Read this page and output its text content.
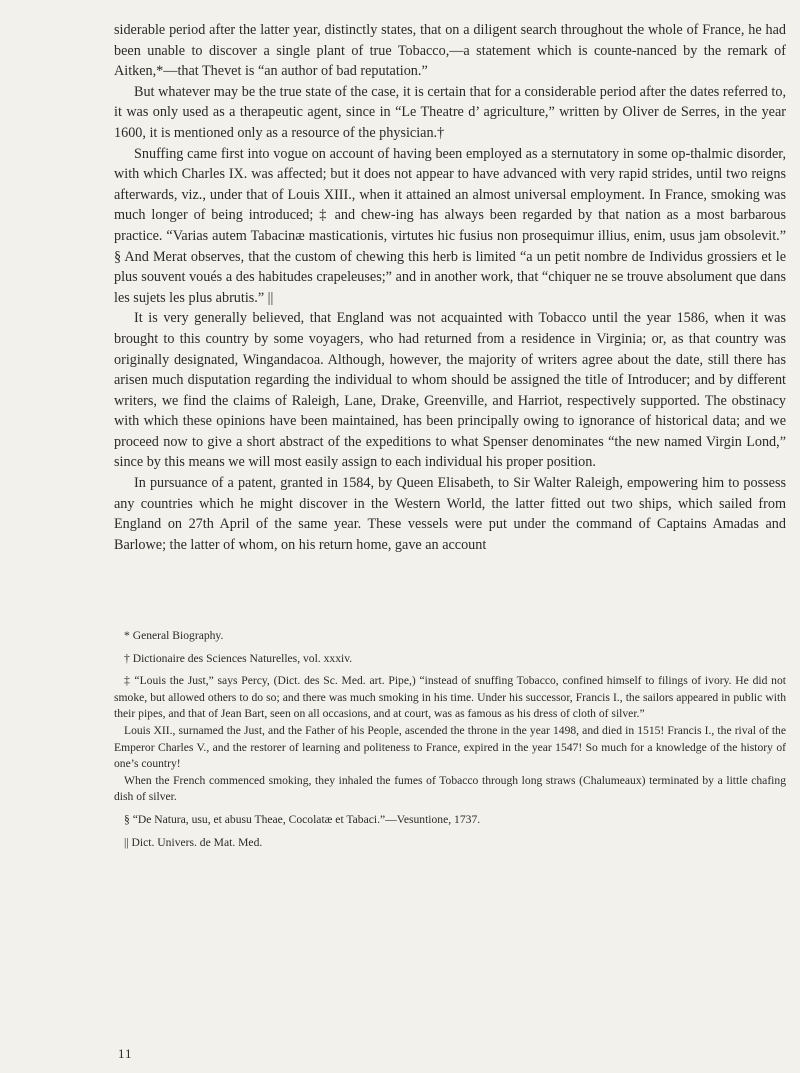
siderable period after the latter year, distinctly states, that on a diligent search throughout the whole of France, he had been unable to discover a single plant of true Tobacco,—a statement which is counte-nanced by the remark of Aitken,*—that Thevet is “an author of bad reputation.”

But whatever may be the true state of the case, it is certain that for a considerable period after the dates referred to, it was only used as a therapeutic agent, since in “Le Theatre d’ agriculture,” written by Oliver de Serres, in the year 1600, it is mentioned only as a resource of the physician.†

Snuffing came first into vogue on account of having been employed as a sternutatory in some op-thalmic disorder, with which Charles IX. was affected; but it does not appear to have advanced with very rapid strides, until two reigns afterwards, viz., under that of Louis XIII., when it attained an almost universal employment. In France, smoking was much longer of being introduced; ‡ and chew-ing has always been regarded by that nation as a most barbarous practice. “Varias autem Tabacinæ masticationis, virtutes hic fusius non prosequimur illius, enim, usus jam obsolevit.” § And Merat observes, that the custom of chewing this herb is limited “a un petit nombre de Individus grossiers et le plus souvent voués a des habitudes crapeleuses;” and in another work, that “chiquer ne se trouve absolument que dans les sujets les plus abrutis.” ||

It is very generally believed, that England was not acquainted with Tobacco until the year 1586, when it was brought to this country by some voyagers, who had returned from a residence in Virginia; or, as that country was originally designated, Wingandacoa. Although, however, the majority of writers agree about the date, still there has arisen much disputation regarding the individual to whom should be assigned the title of Introducer; and by different writers, we find the claims of Raleigh, Lane, Drake, Greenville, and Harriot, respectively supported. The obstinacy with which these opinions have been maintained, has been principally owing to ignorance of historical data; and we proceed now to give a short abstract of the expeditions to what Spenser denominates “the new named Virgin Lond,” since by this means we will most easily assign to each individual his proper position.

In pursuance of a patent, granted in 1584, by Queen Elisabeth, to Sir Walter Raleigh, empowering him to possess any countries which he might discover in the Western World, the latter fitted out two ships, which sailed from England on 27th April of the same year. These vessels were put under the command of Captains Amadas and Barlowe; the latter of whom, on his return home, gave an account

* General Biography.

† Dictionaire des Sciences Naturelles, vol. xxxiv.

‡ “Louis the Just,” says Percy, (Dict. des Sc. Med. art. Pipe,) “instead of snuffing Tobacco, confined himself to filings of ivory. He did not smoke, but allowed others to do so; and there was much smoking in his time. Under his successor, Francis I., the sailors appeared in public with their pipes, and that of Jean Bart, seen on all occasions, and at court, was as famous as his dress of cloth of silver.”

Louis XII., surnamed the Just, and the Father of his People, ascended the throne in the year 1498, and died in 1515! Francis I., the rival of the Emperor Charles V., and the restorer of learning and politeness to France, expired in the year 1547! So much for a knowledge of the history of one’s country!

When the French commenced smoking, they inhaled the fumes of Tobacco through long straws (Chalumeaux) terminated by a little chafing dish of silver.

§ “De Natura, usu, et abusu Theae, Cocolatæ et Tabaci.”—Vesuntione, 1737.

|| Dict. Univers. de Mat. Med.

11
